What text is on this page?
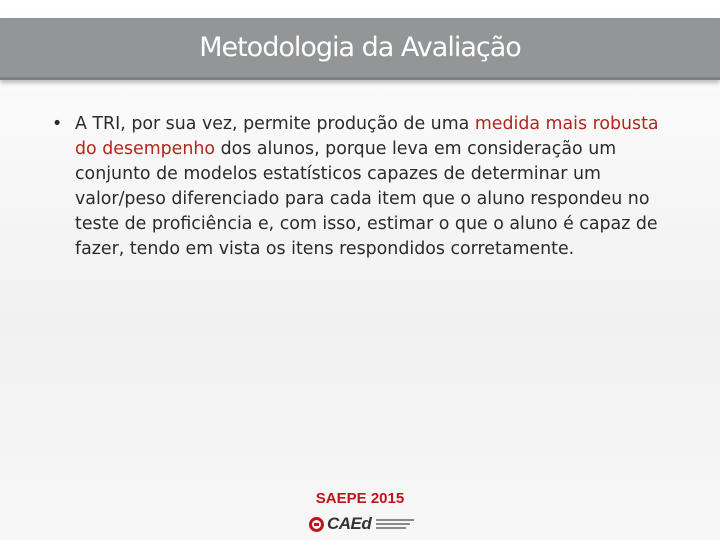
Metodologia da Avaliação
• A TRI, por sua vez, permite produção de uma medida mais robusta do desempenho dos alunos, porque leva em consideração um conjunto de modelos estatísticos capazes de determinar um valor/peso diferenciado para cada item que o aluno respondeu no teste de proficiência e, com isso, estimar o que o aluno é capaz de fazer, tendo em vista os itens respondidos corretamente.
SAEPE 2015
CAEd
